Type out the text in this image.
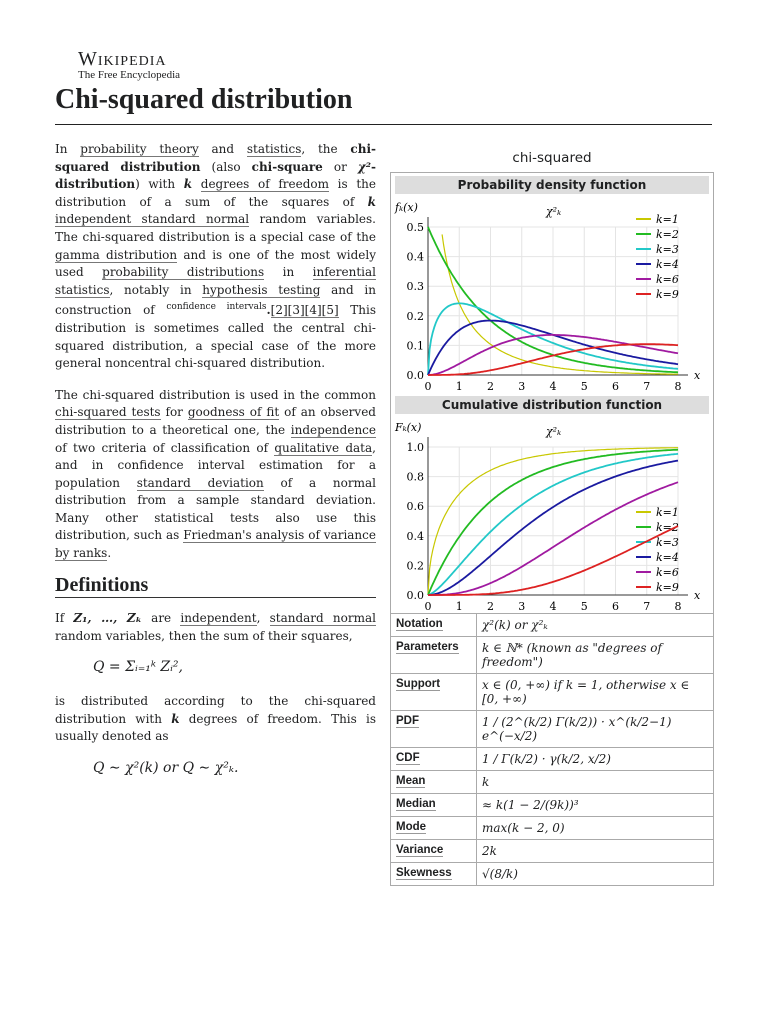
Wikipedia
The Free Encyclopedia
Chi-squared distribution

In probability theory and statistics, the chi-squared distribution (also chi-square or χ²-distribution) with k degrees of freedom is the distribution of a sum of the squares of k independent standard normal random variables. The chi-squared distribution is a special case of the gamma distribution and is one of the most widely used probability distributions in inferential statistics, notably in hypothesis testing and in construction of $^{confidence intervals}$.[2][3][4][5] This distribution is sometimes called the central chi-squared distribution, a special case of the more general noncentral chi-squared distribution.

The chi-squared distribution is used in the common chi-squared tests for goodness of fit of an observed distribution to a theoretical one, the independence of two criteria of classification of qualitative data, and in confidence interval estimation for a population standard deviation of a normal distribution from a sample standard deviation. Many other statistical tests also use this distribution, such as Friedman's analysis of variance by ranks.

Definitions

If Z₁, …, Zₖ are independent, standard normal random variables, then the sum of their squares,

Q = Σᵢ₌₁ᵏ Zᵢ²,

is distributed according to the chi-squared distribution with k degrees of freedom. This is usually denoted as

Q ∼ χ²(k) or Q ∼ χ²ₖ.
chi-squared
Probability density function
0 1 2 3 4 5 6 7 8
0.0
0.1
0.2
0.3
0.4
0.5
fₖ(x)
x
χ²ₖ
k=1
k=2
k=3
k=4
k=6
k=9
Cumulative distribution function
0 1 2 3 4 5 6 7 8
0.0
0.2
0.4
0.6
0.8
1.0
Fₖ(x)
x
χ²ₖ
k=1
k=2
k=3
k=4
k=6
k=9
Notation	χ²(k) or χ²ₖ
Parameters	k ∈ ℕ* (known as "degrees of freedom")
Support	x ∈ (0, +∞) if k = 1, otherwise x ∈ [0, +∞)
PDF	1 / (2^(k/2) Γ(k/2)) · x^(k/2−1) e^(−x/2)
CDF	1 / Γ(k/2) · γ(k/2, x/2)
Mean	k
Median	≈ k(1 − 2/(9k))³
Mode	max(k − 2, 0)
Variance	2k
Skewness	√(8/k)
